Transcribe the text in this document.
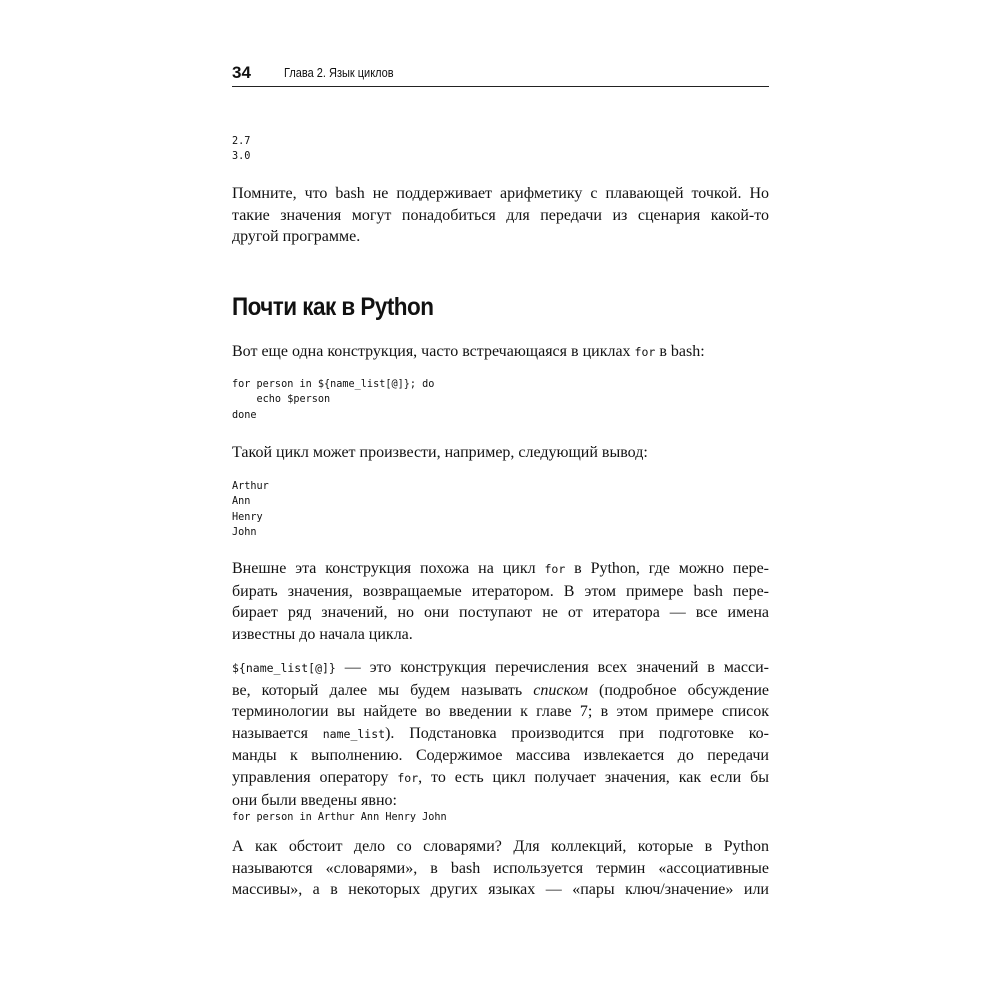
34	Глава 2. Язык циклов
2.7
3.0
Помните, что bash не поддерживает арифметику с плавающей точкой. Но
такие значения могут понадобиться для передачи из сценария какой-то
другой программе.
Почти как в Python
Вот еще одна конструкция, часто встречающаяся в циклах for в bash:
for person in ${name_list[@]}; do
echo $person
done
Такой цикл может произвести, например, следующий вывод:
Arthur
Ann
Henry
John
Внешне эта конструкция похожа на цикл for в Python, где можно пере-
бирать значения, возвращаемые итератором. В этом примере bash пере-
бирает ряд значений, но они поступают не от итератора — все имена
известны до начала цикла.
${name_list[@]} — это конструкция перечисления всех значений в масси-
ве, который далее мы будем называть списком (подробное обсуждение
терминологии вы найдете во введении к главе 7; в этом примере список
называется name_list). Подстановка производится при подготовке ко-
манды к выполнению. Содержимое массива извлекается до передачи
управления оператору for, то есть цикл получает значения, как если бы
они были введены явно:
for person in Arthur Ann Henry John
А как обстоит дело со словарями? Для коллекций, которые в Python
называются «словарями», в bash используется термин «ассоциативные
массивы», а в некоторых других языках — «пары ключ/значение» или
